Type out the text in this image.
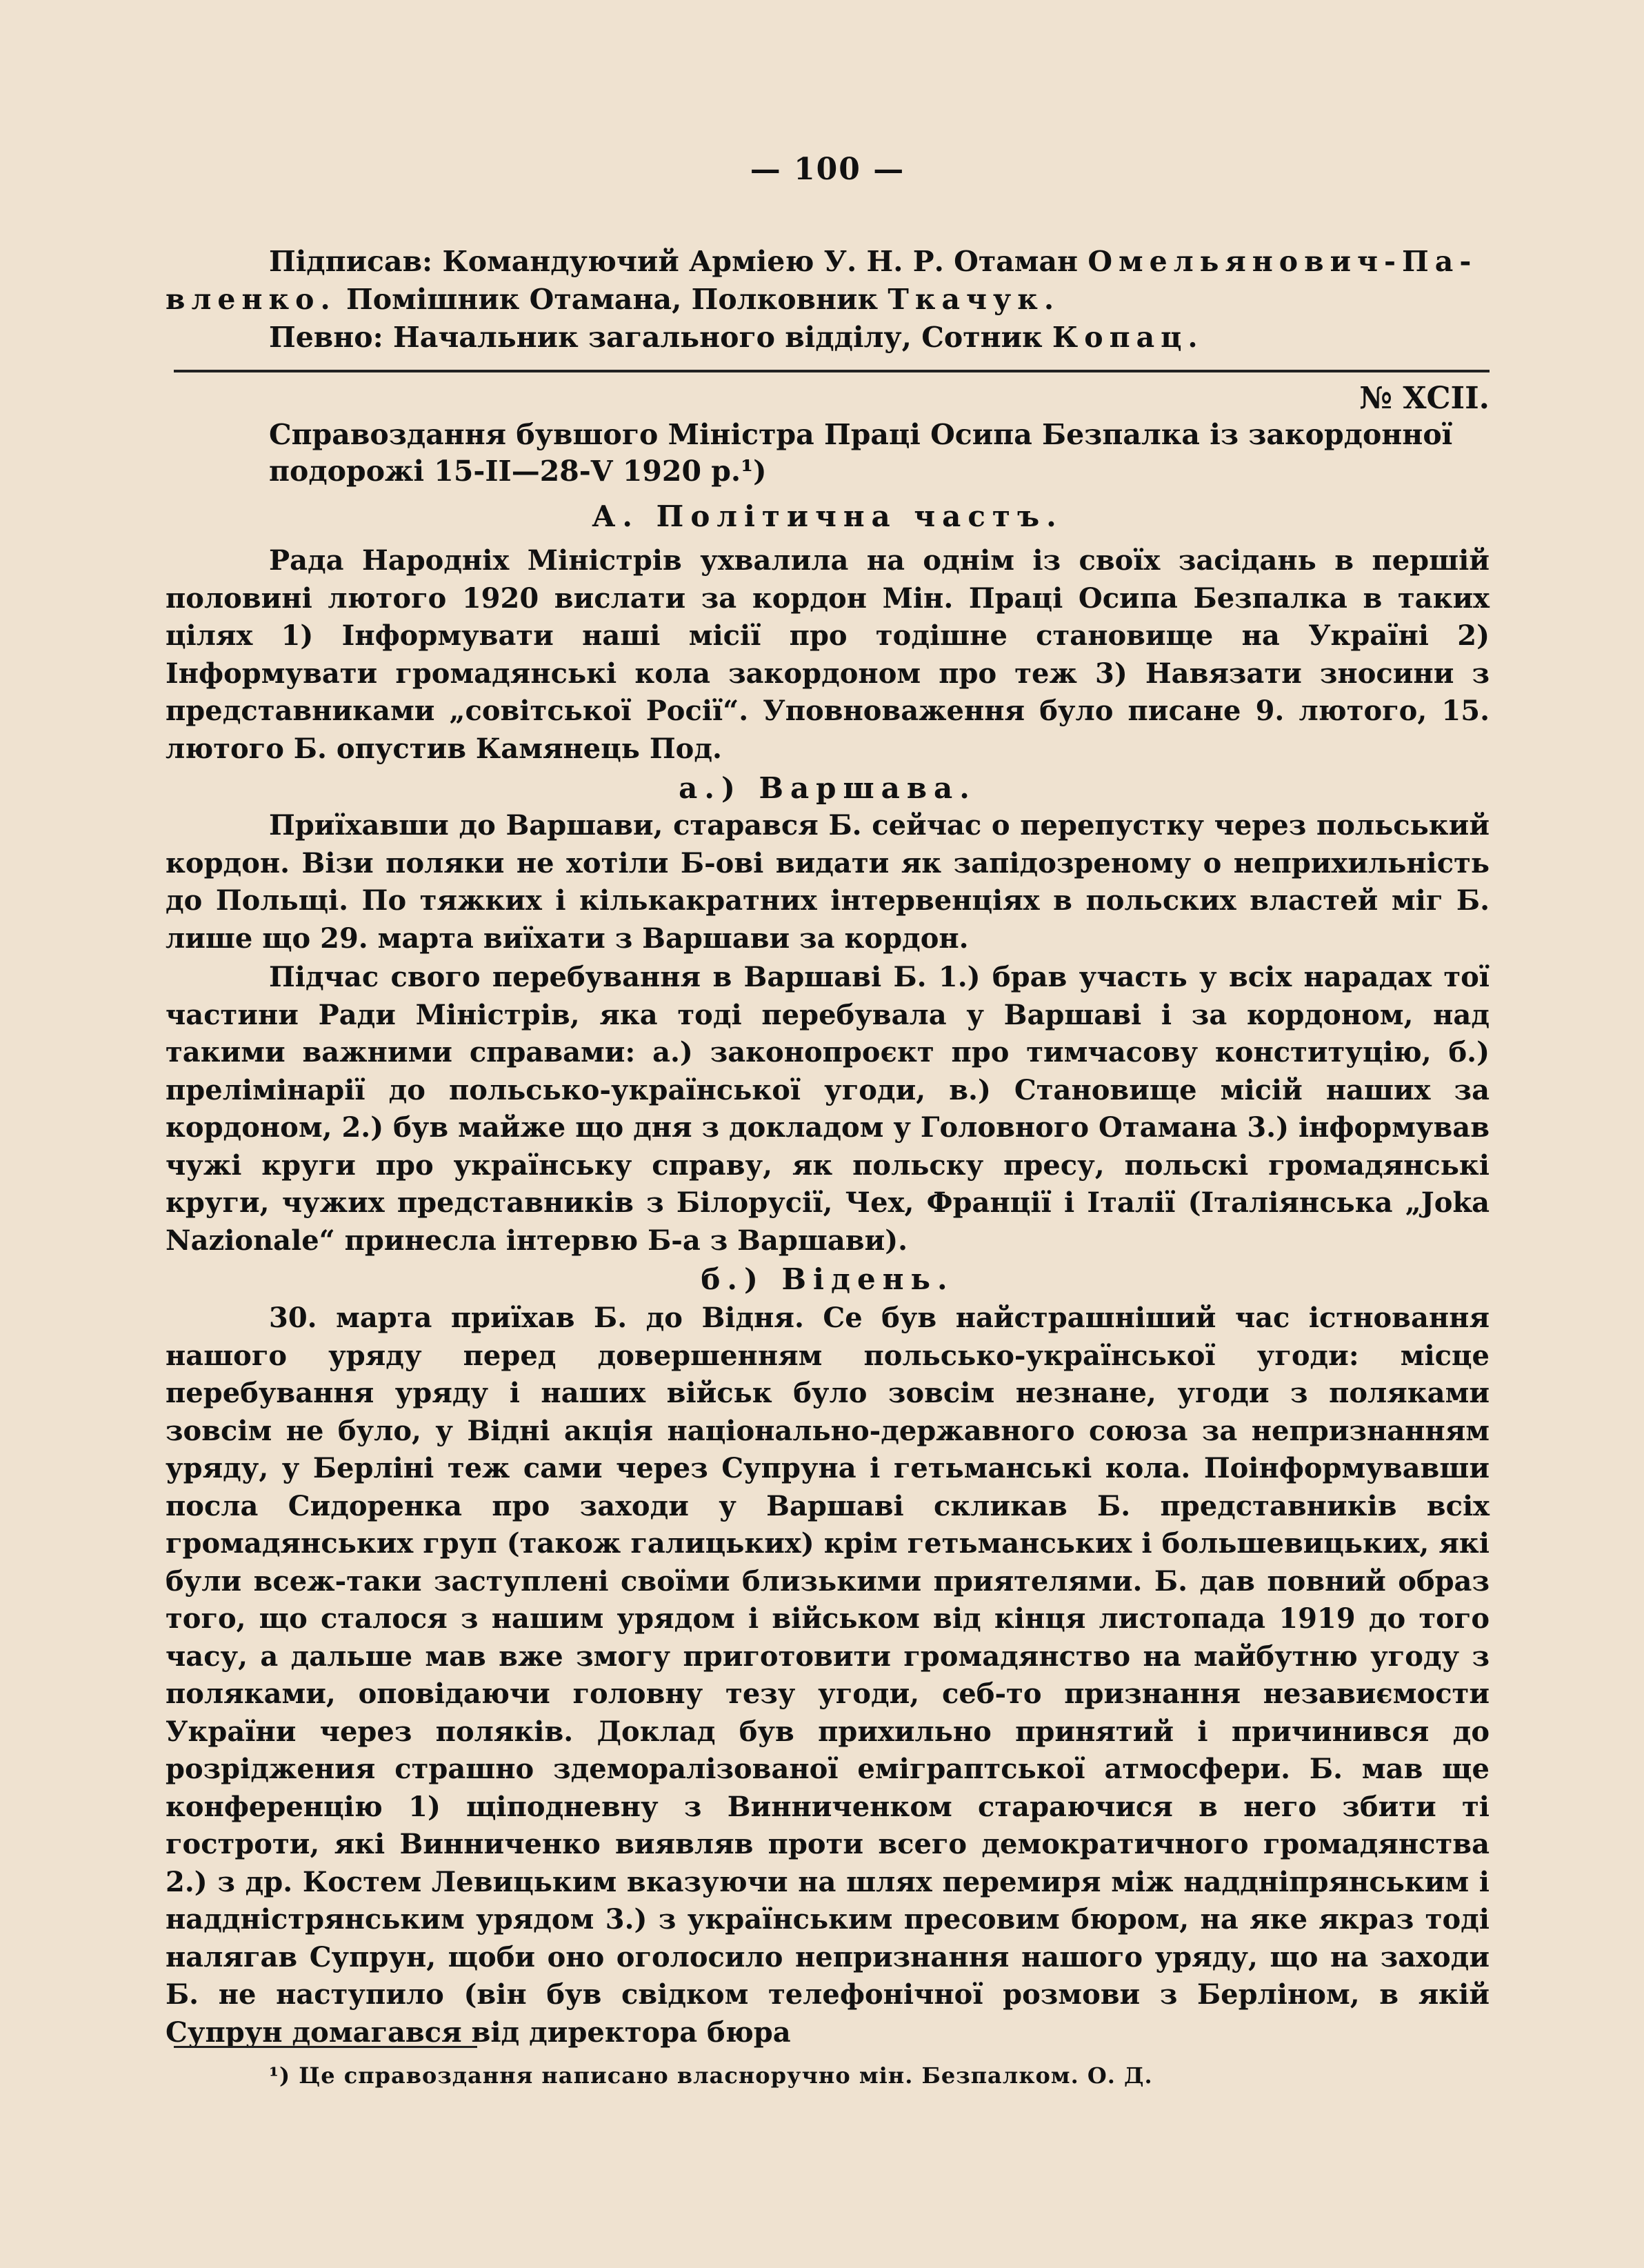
— 100 —
Підписав: Командуючий Арміею У. Н. Р. Отаман Омельянович-Па-
вленко. Помішник Отамана, Полковник Ткачук.
Певно: Начальник загального відділу, Сотник Копац.
№ ХСІІ.
Справоздання бувшого Міністра Праці Осипа Безпалка із закордонної подорожі 15-ІІ—28-V 1920 р.¹)
А. Політична частъ.
Рада Народніх Міністрів ухвалила на однім із своїх засідань в першій половині лютого 1920 вислати за кордон Мін. Праці Осипа Безпалка в таких цілях 1) Інформувати наші місії про тодішне становище на Україні 2) Інформувати громадянські кола закордоном про теж 3) Навязати зносини з представниками „совітської Росії“. Уповноваження було писане 9. лютого, 15. лютого Б. опустив Камянець Под.
а.) Варшава.
Приїхавши до Варшави, старався Б. сейчас о перепустку через польський кордон. Візи поляки не хотіли Б-ові видати як запідозреному о неприхильність до Польщі. По тяжких і кількакратних інтервенціях в польских властей міг Б. лише що 29. марта виїхати з Варшави за кордон.
Підчас свого перебування в Варшаві Б. 1.) брав участь у всіх нарадах тої частини Ради Міністрів, яка тоді перебувала у Варшаві і за кордоном, над такими важними справами: а.) законопроєкт про тимчасову конституцію, б.) прелімінарії до польсько-української угоди, в.) Становище місій наших за кордоном, 2.) був майже що дня з докладом у Головного Отамана 3.) інформував чужі круги про українську справу, як польску пресу, польскі громадянські круги, чужих представників з Білорусії, Чех, Франції і Італії (Італіянська „Joka Nazionale“ принесла інтервю Б-а з Варшави).
б.) Відень.
30. марта приїхав Б. до Відня. Се був найстрашніший час істновання нашого уряду перед довершенням польсько-української угоди: місце перебування уряду і наших військ було зовсім незнане, угоди з поляками зовсім не було, у Відні акція національно-державного союза за непризнанням уряду, у Берліні теж сами через Супруна і гетьманські кола. Поінформувавши посла Сидоренка про заходи у Варшаві скликав Б. представників всіх громадянських груп (також галицьких) крім гетьманських і большевицьких, які були всеж-таки заступлені своїми близькими приятелями. Б. дав повний образ того, що сталося з нашим урядом і військом від кінця листопада 1919 до того часу, а дальше мав вже змогу приготовити громадянство на майбутню угоду з поляками, оповідаючи головну тезу угоди, себ-то признання незавиємости України через поляків. Доклад був прихильно принятий і причинився до розріджения страшно здеморалізованої еміграптської атмосфери. Б. мав ще конференцію 1) щіподневну з Винниченком стараючися в него збити ті гостроти, які Винниченко виявляв проти всего демократичного громадянства 2.) з др. Костем Левицьким вказуючи на шлях перемиря між наддніпрянським і наддністрянським урядом 3.) з українським пресовим бюром, на яке якраз тоді налягав Супрун, щоби оно оголосило непризнання нашого уряду, що на заходи Б. не наступило (він був свідком телефонічної розмови з Берліном, в якій Супрун домагався від директора бюра
¹) Це справоздання написано власноручно мін. Безпалком. О. Д.
